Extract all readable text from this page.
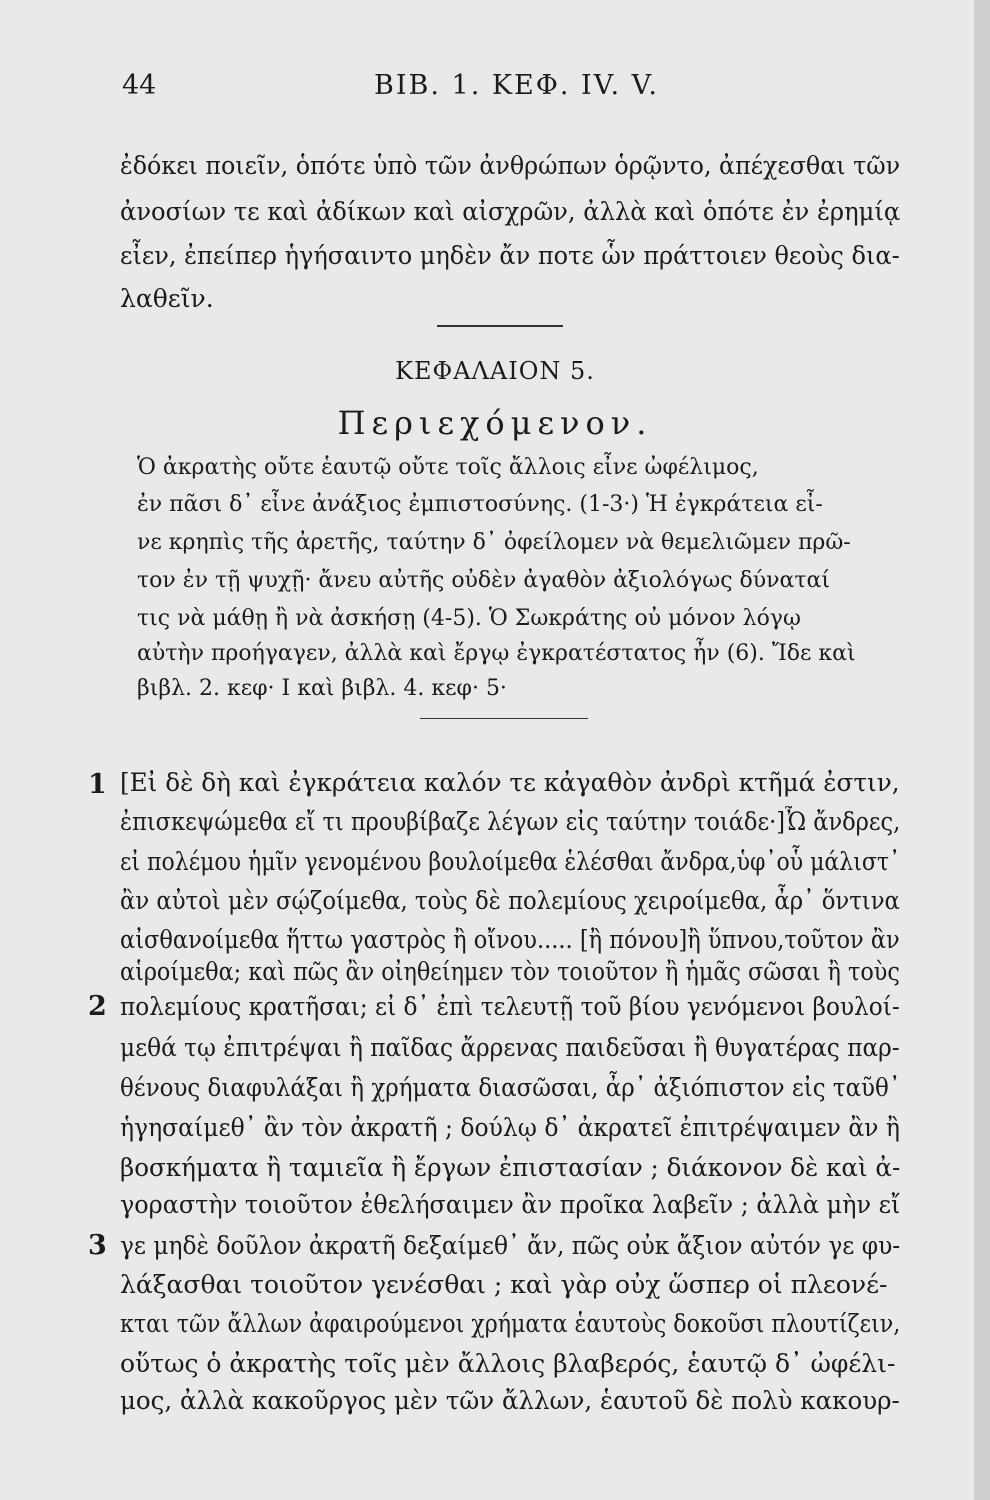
44	ΒΙΒ. 1. ΚΕΦ. IV. V.
ἐδόκει ποιεῖν, ὁπότε ὑπὸ τῶν ἀνθρώπων ὁρῷντο, ἀπέχεσθαι τῶν
ἀνοσίων τε καὶ ἀδίκων καὶ αἰσχρῶν, ἀλλὰ καὶ ὁπότε ἐν ἐρημίᾳ
εἶεν, ἐπείπερ ἡγήσαιντο μηδὲν ἄν ποτε ὧν πράττοιεν θεοὺς δια-
λαθεῖν.
ΚΕΦΑΛΑΙΟΝ 5.
Περιεχόμενον.
Ὁ ἀκρατὴς οὔτε ἑαυτῷ οὔτε τοῖς ἄλλοις εἶνε ὠφέλιμος,
ἐν πᾶσι δ᾽ εἶνε ἀνάξιος ἐμπιστοσύνης. (1-3·) Ἡ ἐγκράτεια εἶ-
νε κρηπὶς τῆς ἀρετῆς, ταύτην δ᾽ ὀφείλομεν νὰ θεμελιῶμεν πρῶ-
τον ἐν τῇ ψυχῇ· ἄνευ αὐτῆς οὐδὲν ἀγαθὸν ἀξιολόγως δύναταί
τις νὰ μάθῃ ἢ νὰ ἀσκήσῃ (4-5). Ὁ Σωκράτης οὐ μόνον λόγῳ
αὐτὴν προήγαγεν, ἀλλὰ καὶ ἔργῳ ἐγκρατέστατος ἦν (6). Ἴδε καὶ
βιβλ. 2. κεφ· I καὶ βιβλ. 4. κεφ· 5·
1
2
3
[Εἰ δὲ δὴ καὶ ἐγκράτεια καλόν τε κἀγαθὸν ἀνδρὶ κτῆμά ἐστιν,
ἐπισκεψώμεθα εἴ τι προυβίβαζε λέγων εἰς ταύτην τοιάδε·]Ὦ ἄνδρες,
εἰ πολέμου ἡμῖν γενομένου βουλοίμεθα ἑλέσθαι ἄνδρα,ὑφ᾽οὗ μάλιστ᾽
ἂν αὐτοὶ μὲν σῴζοίμεθα, τοὺς δὲ πολεμίους χειροίμεθα, ἆρ᾽ ὅντινα
αἰσθανοίμεθα ἥττω γαστρὸς ἢ οἴνου..... [ἢ πόνου]ἢ ὕπνου,τοῦτον ἂν
αἱροίμεθα; καὶ πῶς ἂν οἰηθείημεν τὸν τοιοῦτον ἢ ἡμᾶς σῶσαι ἢ τοὺς
πολεμίους κρατῆσαι; εἰ δ᾽ ἐπὶ τελευτῇ τοῦ βίου γενόμενοι βουλοί-
μεθά τῳ ἐπιτρέψαι ἢ παῖδας ἄρρενας παιδεῦσαι ἢ θυγατέρας παρ-
θένους διαφυλάξαι ἢ χρήματα διασῶσαι, ἆρ᾽ ἀξιόπιστον εἰς ταῦθ᾽
ἡγησαίμεθ᾽ ἂν τὸν ἀκρατῆ ; δούλῳ δ᾽ ἀκρατεῖ ἐπιτρέψαιμεν ἂν ἢ
βοσκήματα ἢ ταμιεῖα ἢ ἔργων ἐπιστασίαν ; διάκονον δὲ καὶ ἀ-
γοραστὴν τοιοῦτον ἐθελήσαιμεν ἂν προῖκα λαβεῖν ; ἀλλὰ μὴν εἴ
γε μηδὲ δοῦλον ἀκρατῆ δεξαίμεθ᾽ ἄν, πῶς οὐκ ἄξιον αὐτόν γε φυ-
λάξασθαι τοιοῦτον γενέσθαι ; καὶ γὰρ οὐχ ὥσπερ οἱ πλεονέ-
κται τῶν ἄλλων ἀφαιρούμενοι χρήματα ἑαυτοὺς δοκοῦσι πλουτίζειν,
οὕτως ὁ ἀκρατὴς τοῖς μὲν ἄλλοις βλαβερός, ἑαυτῷ δ᾽ ὠφέλι-
μος, ἀλλὰ κακοῦργος μὲν τῶν ἄλλων, ἑαυτοῦ δὲ πολὺ κακουρ-
